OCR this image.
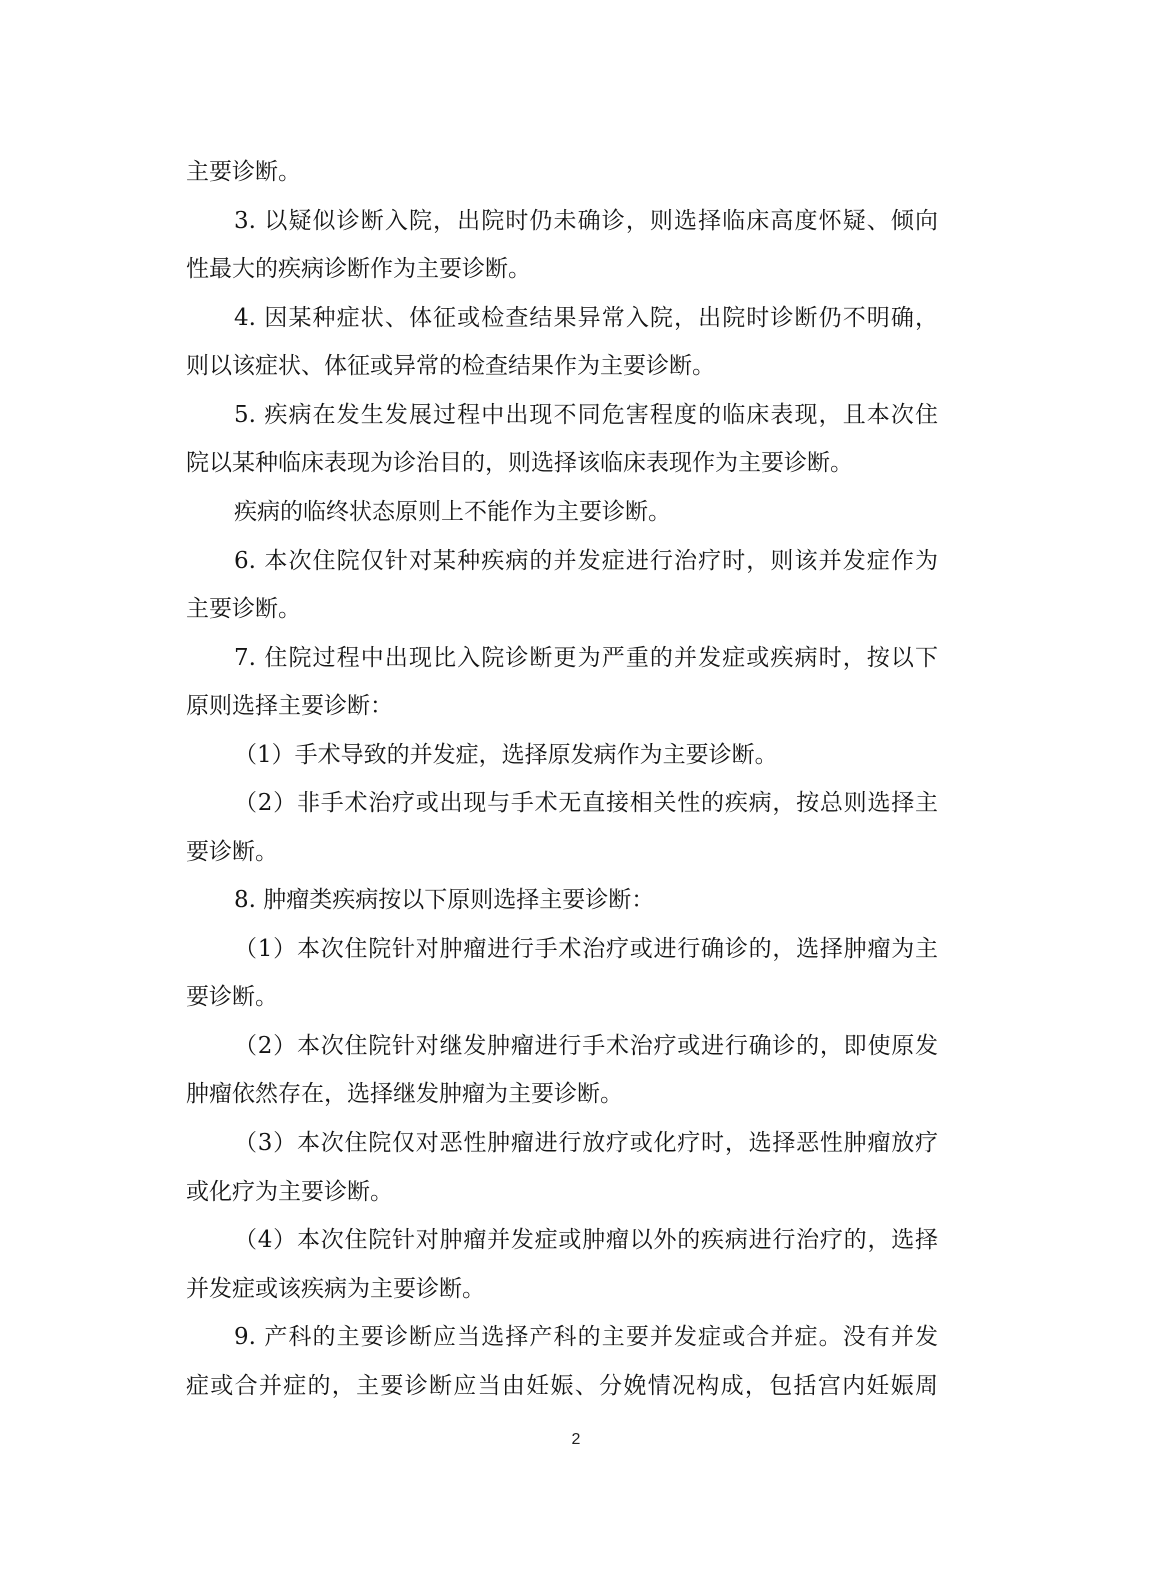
主要诊断。
3. 以疑似诊断入院，出院时仍未确诊，则选择临床高度怀疑、倾向
性最大的疾病诊断作为主要诊断。
4. 因某种症状、体征或检查结果异常入院，出院时诊断仍不明确，
则以该症状、体征或异常的检查结果作为主要诊断。
5. 疾病在发生发展过程中出现不同危害程度的临床表现，且本次住
院以某种临床表现为诊治目的，则选择该临床表现作为主要诊断。
疾病的临终状态原则上不能作为主要诊断。
6. 本次住院仅针对某种疾病的并发症进行治疗时，则该并发症作为
主要诊断。
7. 住院过程中出现比入院诊断更为严重的并发症或疾病时，按以下
原则选择主要诊断：
（1）手术导致的并发症，选择原发病作为主要诊断。
（2）非手术治疗或出现与手术无直接相关性的疾病，按总则选择主
要诊断。
8. 肿瘤类疾病按以下原则选择主要诊断：
（1）本次住院针对肿瘤进行手术治疗或进行确诊的，选择肿瘤为主
要诊断。
（2）本次住院针对继发肿瘤进行手术治疗或进行确诊的，即使原发
肿瘤依然存在，选择继发肿瘤为主要诊断。
（3）本次住院仅对恶性肿瘤进行放疗或化疗时，选择恶性肿瘤放疗
或化疗为主要诊断。
（4）本次住院针对肿瘤并发症或肿瘤以外的疾病进行治疗的，选择
并发症或该疾病为主要诊断。
9. 产科的主要诊断应当选择产科的主要并发症或合并症。没有并发
症或合并症的，主要诊断应当由妊娠、分娩情况构成，包括宫内妊娠周
2
